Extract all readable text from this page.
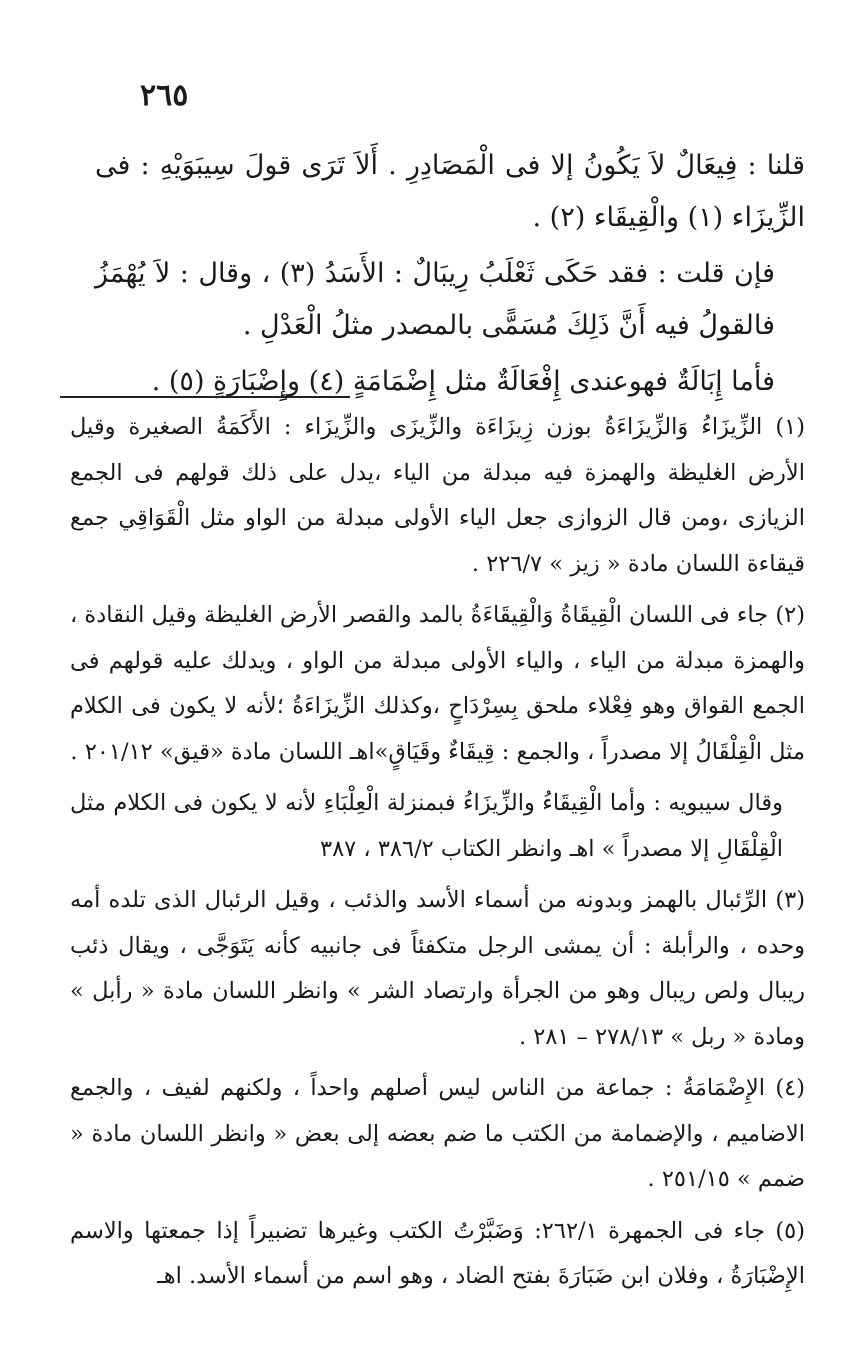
٢٦٥

قلنا : فِيعَالٌ لاَ يَكُونُ إلا فى الْمَصَادِرِ . أَلاَ تَرَى قولَ سِيبَوَيْهِ : فى الزِّيزَاء (١) والْقِيقَاء (٢) .

فإن قلت : فقد حَكَى ثَعْلَبُ رِيبَالٌ : الأَسَدُ (٣) ، وقال : لاَ يُهْمَزُ فالقولُ فيه أَنَّ ذَلِكَ مُسَمًّى بالمصدر مثلُ الْعَدْلِ .

فأما إِبَالَةٌ فهوعندى إِفْعَالَةٌ مثل إِضْمَامَةٍ (٤) وإِضْبَارَةٍ (٥) .

(١) الزِّيزَاءُ وَالزِّيزَاءَةُ بوزن زِيزَاءَة والزِّيزَى والزِّيزَاء : الأَكَمَةُ الصغيرة وقيل الأرض الغليظة والهمزة فيه مبدلة من الياء ،يدل على ذلك قولهم فى الجمع الزيازى ،ومن قال الزوازى جعل الياء الأولى مبدلة من الواو مثل الْقَوَاقِي جمع قيقاءة اللسان مادة « زيز » ٢٢٦/٧ .

(٢) جاء فى اللسان الْقِيقَاةُ وَالْقِيقَاءَةُ بالمد والقصر الأرض الغليظة وقيل النقادة ، والهمزة مبدلة من الياء ، والياء الأولى مبدلة من الواو ، ويدلك عليه قولهم فى الجمع القواق وهو فِعْلاء ملحق بِسِرْدَاحٍ ،وكذلك الزِّيزَاءَةُ ؛لأنه لا يكون فى الكلام مثل الْقِلْقَالُ إلا مصدراً ، والجمع : قِيقَاءٌ وقَيَاقٍ»اهـ اللسان مادة «قيق» ٢٠١/١٢ .

وقال سيبويه : وأما الْقِيقَاءُ والزِّيزَاءُ فبمنزلة الْعِلْبَاءِ لأنه لا يكون فى الكلام مثل الْقِلْقَالِ إلا مصدراً » اهـ وانظر الكتاب ٣٨٦/٢ ، ٣٨٧

(٣) الرِّئبال بالهمز وبدونه من أسماء الأسد والذئب ، وقيل الرئبال الذى تلده أمه وحده ، والرأبلة : أن يمشى الرجل متكفئاً فى جانبيه كأنه يَتَوَجَّى ، ويقال ذئب ريبال ولص ريبال وهو من الجرأة وارتصاد الشر » وانظر اللسان مادة « رأبل » ومادة « ربل » ٢٧٨/١٣ – ٢٨١ .

(٤) الإِضْمَامَةُ : جماعة من الناس ليس أصلهم واحداً ، ولكنهم لفيف ، والجمع الاضاميم ، والإضمامة من الكتب ما ضم بعضه إلى بعض « وانظر اللسان مادة « ضمم » ٢٥١/١٥ .

(٥) جاء فى الجمهرة ٢٦٢/١: وَضَبَّرْتُ الكتب وغيرها تضبيراً إذا جمعتها والاسم الإِضْبَارَةُ ، وفلان ابن ضَبَارَةَ بفتح الضاد ، وهو اسم من أسماء الأسد. اهـ
